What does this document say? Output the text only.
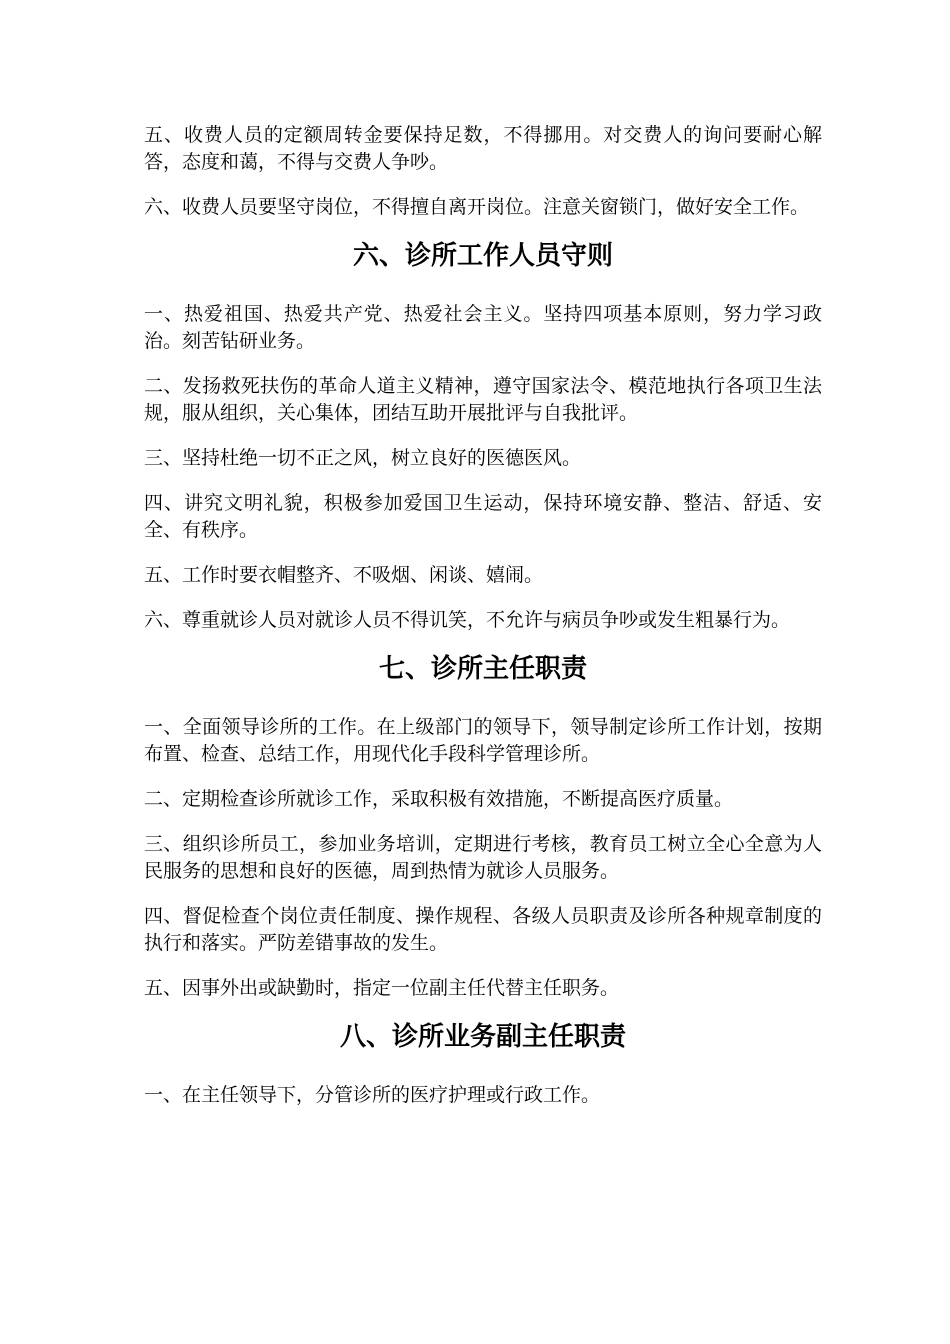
五、收费人员的定额周转金要保持足数，不得挪用。对交费人的询问要耐心解答，态度和蔼，不得与交费人争吵。

六、收费人员要坚守岗位，不得擅自离开岗位。注意关窗锁门，做好安全工作。

六、诊所工作人员守则

一、热爱祖国、热爱共产党、热爱社会主义。坚持四项基本原则，努力学习政治。刻苦钻研业务。

二、发扬救死扶伤的革命人道主义精神，遵守国家法令、模范地执行各项卫生法规，服从组织，关心集体，团结互助开展批评与自我批评。

三、坚持杜绝一切不正之风，树立良好的医德医风。

四、讲究文明礼貌，积极参加爱国卫生运动，保持环境安静、整洁、舒适、安全、有秩序。

五、工作时要衣帽整齐、不吸烟、闲谈、嬉闹。

六、尊重就诊人员对就诊人员不得讥笑，不允许与病员争吵或发生粗暴行为。

七、诊所主任职责

一、全面领导诊所的工作。在上级部门的领导下，领导制定诊所工作计划，按期布置、检查、总结工作，用现代化手段科学管理诊所。

二、定期检查诊所就诊工作，采取积极有效措施，不断提高医疗质量。

三、组织诊所员工，参加业务培训，定期进行考核，教育员工树立全心全意为人民服务的思想和良好的医德，周到热情为就诊人员服务。

四、督促检查个岗位责任制度、操作规程、各级人员职责及诊所各种规章制度的执行和落实。严防差错事故的发生。

五、因事外出或缺勤时，指定一位副主任代替主任职务。

八、诊所业务副主任职责

一、在主任领导下，分管诊所的医疗护理或行政工作。
